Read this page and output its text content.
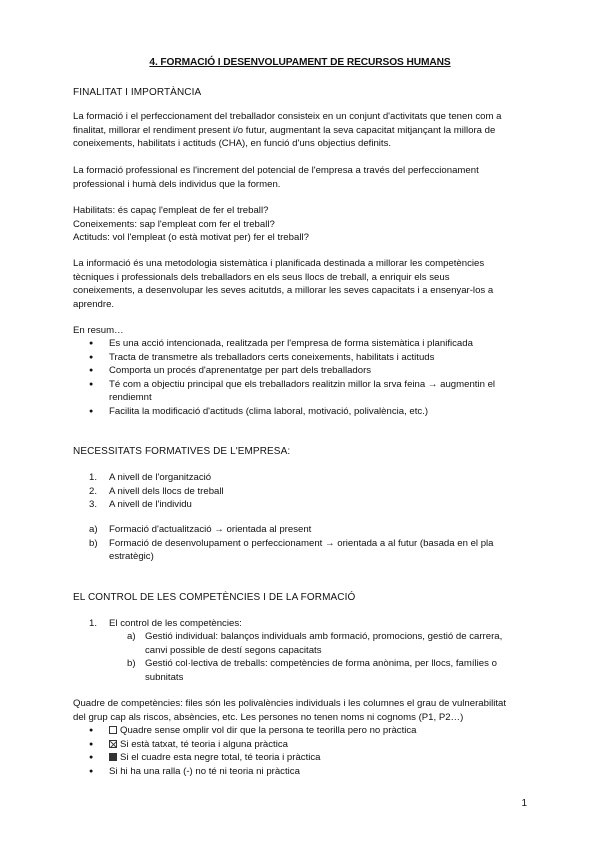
4. FORMACIÓ I DESENVOLUPAMENT DE RECURSOS HUMANS
FINALITAT I IMPORTÀNCIA
La formació i el perfeccionament del treballador consisteix en un conjunt d'activitats que tenen com a
finalitat, millorar el rendiment present i/o futur, augmentant la seva capacitat mitjançant la millora de
coneixements, habilitats i actituds (CHA), en funció d'uns objectius definits.
La formació professional es l'increment del potencial de l'empresa a través del perfeccionament
professional i humà dels individus que la formen.
Habilitats: és capaç l'empleat de fer el treball?
Coneixements: sap l'empleat com fer el treball?
Actituds: vol l'empleat (o està motivat per) fer el treball?
La informació és una metodologia sistemàtica i planificada destinada a millorar les competències
tècniques i professionals dels treballadors en els seus llocs de treball, a enriquir els seus
coneixements, a desenvolupar les seves acitutds, a millorar les seves capacitats i a ensenyar-los a
aprendre.
En resum…
● Es una acció intencionada, realitzada per l'empresa de forma sistemàtica i planificada
● Tracta de transmetre als treballadors certs coneixements, habilitats i actituds
● Comporta un procés d'aprenentatge per part dels treballadors
● Té com a objectiu principal que els treballadors realitzin millor la srva feina → augmentin el
rendiemnt
● Facilita la modificació d'actituds (clima laboral, motivació, polivalència, etc.)
NECESSITATS FORMATIVES DE L'EMPRESA:
1. A nivell de l'organització
2. A nivell dels llocs de treball
3. A nivell de l'individu
a) Formació d'actualització → orientada al present
b) Formació de desenvolupament o perfeccionament → orientada a al futur (basada en el pla
estratègic)
EL CONTROL DE LES COMPETÈNCIES I DE LA FORMACIÓ
1. El control de les competències:
a) Gestió individual: balanços individuals amb formació, promocions, gestió de carrera,
canvi possible de destí segons capacitats
b) Gestió col·lectiva de treballs: competències de forma anònima, per llocs, famílies o
subnitats
Quadre de competències: files són les polivalències individuals i les columnes el grau de vulnerabilitat
del grup cap als riscos, absències, etc. Les persones no tenen noms ni cognoms (P1, P2…)
● Quadre sense omplir vol dir que la persona te teorilla pero no pràctica
● Si està tatxat, té teoria i alguna pràctica
● Si el cuadre esta negre total, té teoria i pràctica
● Si hi ha una ralla (-) no té ni teoria ni pràctica
1
